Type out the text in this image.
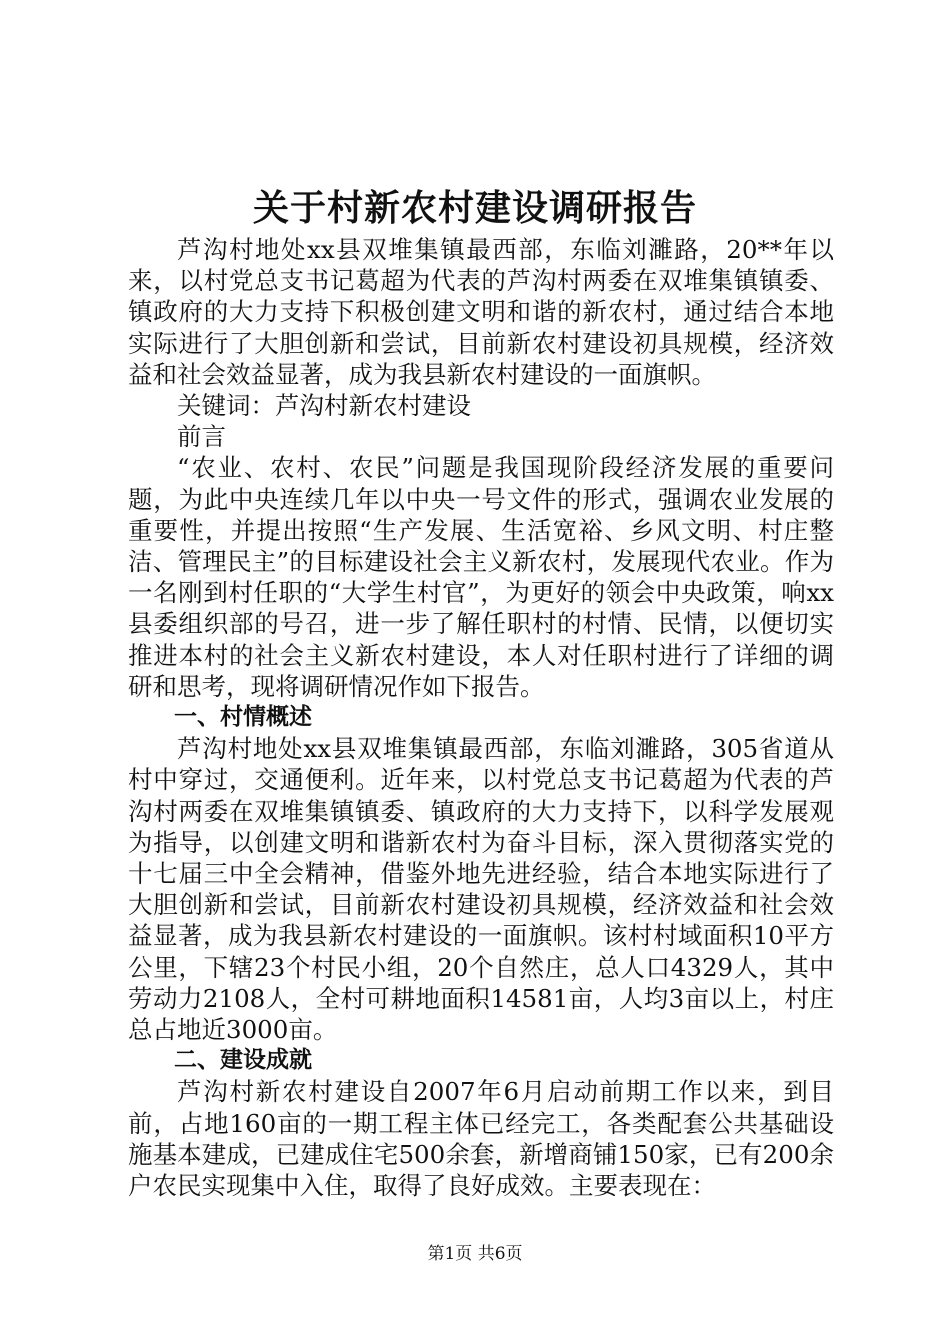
关于村新农村建设调研报告

芦沟村地处xx县双堆集镇最西部，东临刘濉路，20**年以来，以村党总支书记葛超为代表的芦沟村两委在双堆集镇镇委、镇政府的大力支持下积极创建文明和谐的新农村，通过结合本地实际进行了大胆创新和尝试，目前新农村建设初具规模，经济效益和社会效益显著，成为我县新农村建设的一面旗帜。

关键词：芦沟村新农村建设

前言

“农业、农村、农民”问题是我国现阶段经济发展的重要问题，为此中央连续几年以中央一号文件的形式，强调农业发展的重要性，并提出按照“生产发展、生活宽裕、乡风文明、村庄整洁、管理民主”的目标建设社会主义新农村，发展现代农业。作为一名刚到村任职的“大学生村官”，为更好的领会中央政策，响xx县委组织部的号召，进一步了解任职村的村情、民情，以便切实推进本村的社会主义新农村建设，本人对任职村进行了详细的调研和思考，现将调研情况作如下报告。

一、村情概述

芦沟村地处xx县双堆集镇最西部，东临刘濉路，305省道从村中穿过，交通便利。近年来，以村党总支书记葛超为代表的芦沟村两委在双堆集镇镇委、镇政府的大力支持下，以科学发展观为指导，以创建文明和谐新农村为奋斗目标，深入贯彻落实党的十七届三中全会精神，借鉴外地先进经验，结合本地实际进行了大胆创新和尝试，目前新农村建设初具规模，经济效益和社会效益显著，成为我县新农村建设的一面旗帜。该村村域面积10平方公里，下辖23个村民小组，20个自然庄，总人口4329人，其中劳动力2108人，全村可耕地面积14581亩，人均3亩以上，村庄总占地近3000亩。

二、建设成就

芦沟村新农村建设自2007年6月启动前期工作以来，到目前，占地160亩的一期工程主体已经完工，各类配套公共基础设施基本建成，已建成住宅500余套，新增商铺150家，已有200余户农民实现集中入住，取得了良好成效。主要表现在：

第1页 共6页
